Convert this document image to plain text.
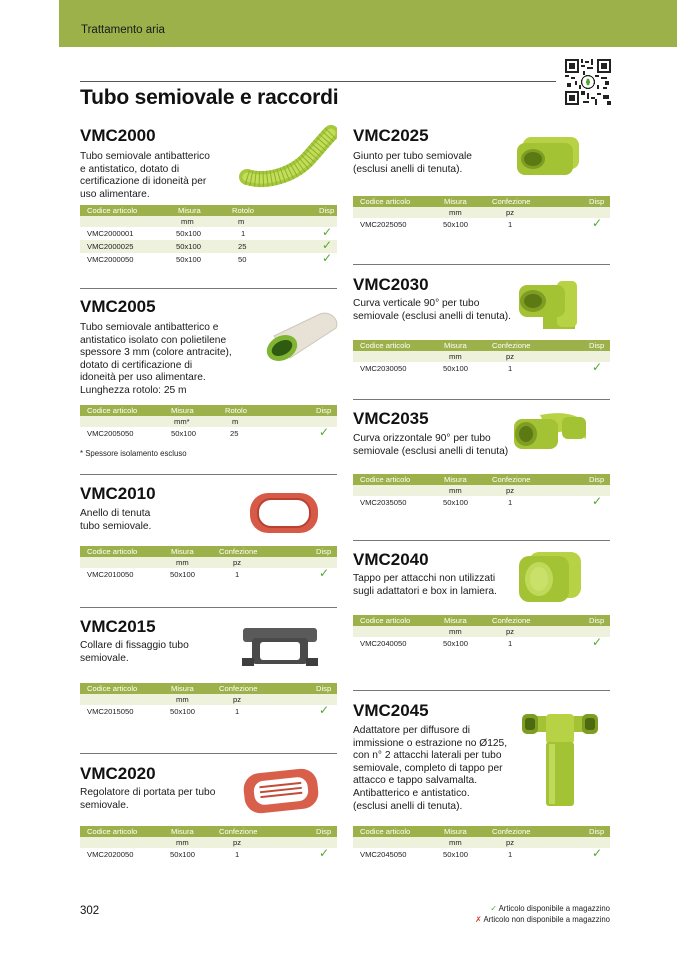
Trattamento aria
Tubo semiovale e raccordi
VMC2000
Tubo semiovale antibatterico
e antistatico, dotato di
certificazione di idoneità per
uso alimentare.
Codice articolo	Misura	Rotolo	Disp
mm	m
VMC2000001	50x100	1	✓
VMC2000025	50x100	25	✓
VMC2000050	50x100	50	✓
VMC2005
Tubo semiovale antibatterico e
antistatico isolato con polietilene
spessore 3 mm (colore antracite),
dotato di certificazione di
idoneità per uso alimentare.
Lunghezza rotolo: 25 m
Codice articolo	Misura	Rotolo	Disp
mm*	m
VMC2005050	50x100	25	✓
* Spessore isolamento escluso
VMC2010
Anello di tenuta
tubo semiovale.
Codice articolo	Misura	Confezione	Disp
mm	pz
VMC2010050	50x100	1	✓
VMC2015
Collare di fissaggio tubo
semiovale.
Codice articolo	Misura	Confezione	Disp
mm	pz
VMC2015050	50x100	1	✓
VMC2020
Regolatore di portata per tubo
semiovale.
Codice articolo	Misura	Confezione	Disp
mm	pz
VMC2020050	50x100	1	✓
VMC2025
Giunto per tubo semiovale
(esclusi anelli di tenuta).
Codice articolo	Misura	Confezione	Disp
mm	pz
VMC2025050	50x100	1	✓
VMC2030
Curva verticale 90° per tubo
semiovale (esclusi anelli di tenuta).
Codice articolo	Misura	Confezione	Disp
mm	pz
VMC2030050	50x100	1	✓
VMC2035
Curva orizzontale 90° per tubo
semiovale (esclusi anelli di tenuta)
Codice articolo	Misura	Confezione	Disp
mm	pz
VMC2035050	50x100	1	✓
VMC2040
Tappo per attacchi non utilizzati
sugli adattatori e box in lamiera.
Codice articolo	Misura	Confezione	Disp
mm	pz
VMC2040050	50x100	1	✓
VMC2045
Adattatore per diffusore di
immissione o estrazione no Ø125,
con n° 2 attacchi laterali per tubo
semiovale, completo di tappo per
attacco e tappo salvamalta.
Antibatterico e antistatico.
(esclusi anelli di tenuta).
Codice articolo	Misura	Confezione	Disp
mm	pz
VMC2045050	50x100	1	✓
302	✓ Articolo disponibile a magazzino
✗ Articolo non disponibile a magazzino
